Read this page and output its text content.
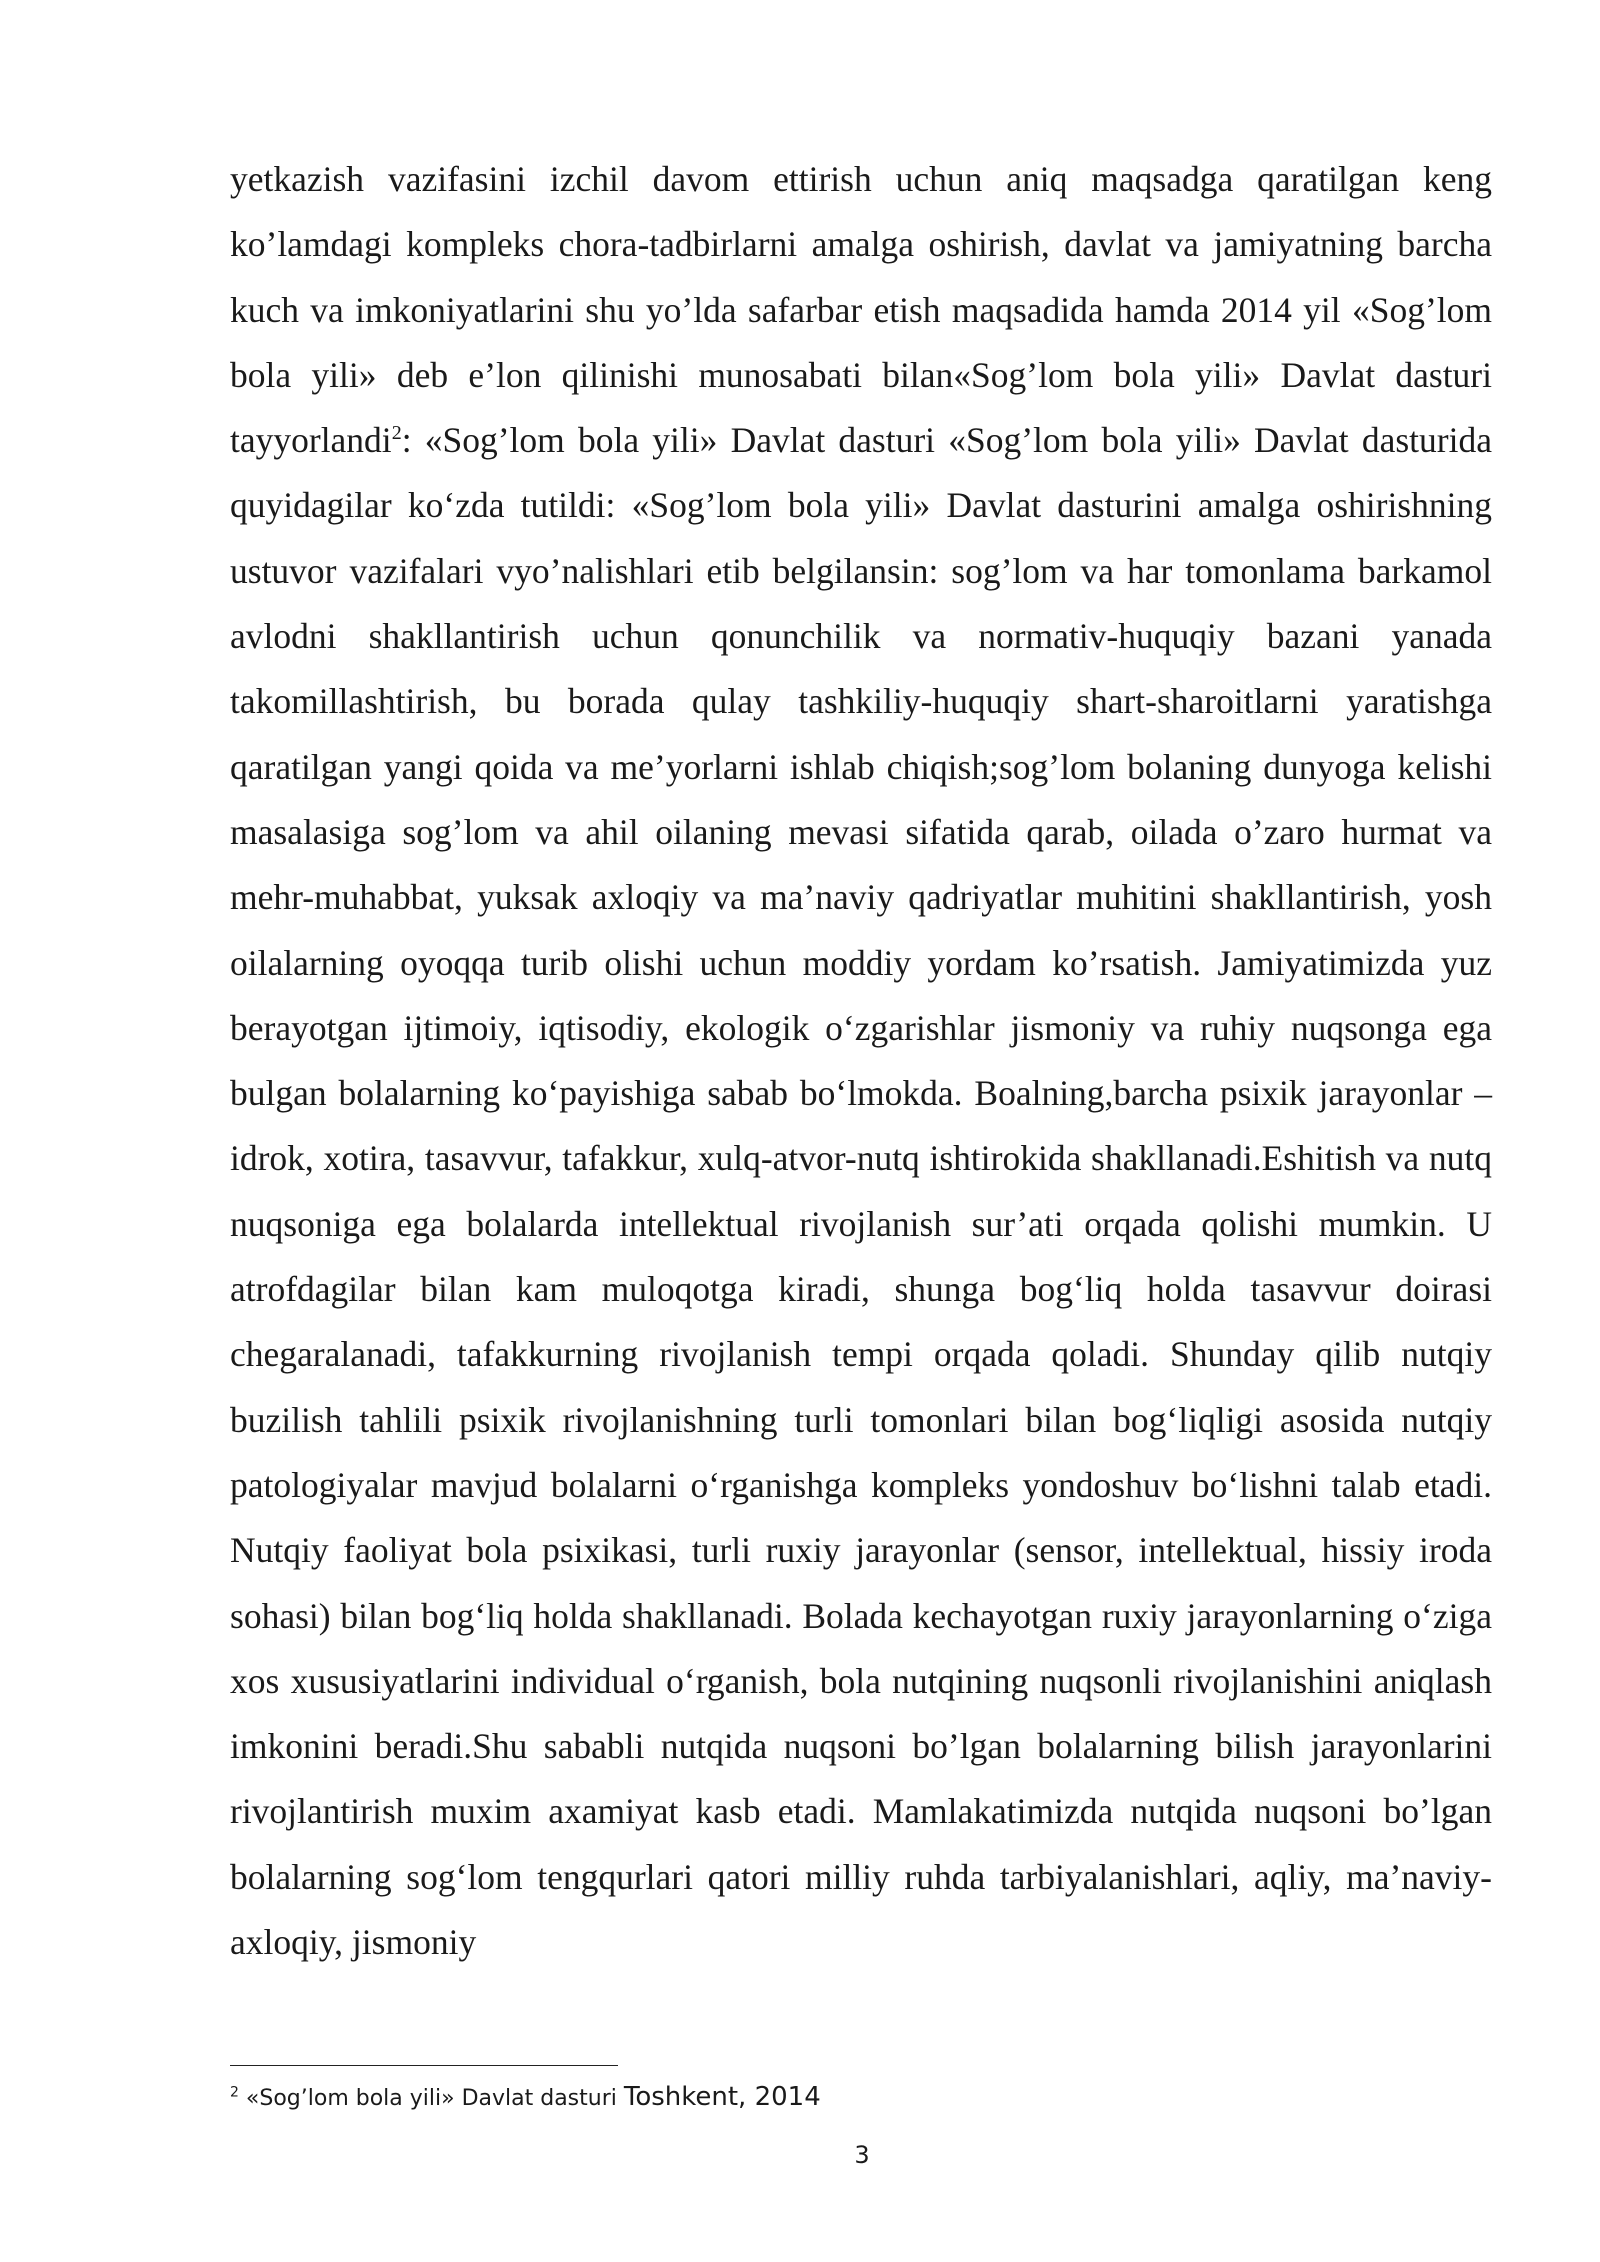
yetkazish vazifasini izchil davom ettirish uchun aniq maqsadga qaratilgan keng ko’lamdagi kompleks chora-tadbirlarni amalga oshirish, davlat va jamiyatning barcha kuch va imkoniyatlarini shu yo’lda safarbar etish maqsadida hamda 2014 yil «Sog’lom bola yili» deb e’lon qilinishi munosabati bilan«Sog’lom bola yili» Davlat dasturi tayyorlandi$^2$: «Sog’lom bola yili» Davlat dasturi «Sog’lom bola yili» Davlat dasturida quyidagilar ko‘zda tutildi: «Sog’lom bola yili» Davlat dasturini amalga oshirishning ustuvor vazifalari vyo’nalishlari etib belgilansin: sog’lom va har tomonlama barkamol avlodni shakllantirish uchun qonunchilik va normativ-huquqiy bazani yanada takomillashtirish, bu borada qulay tashkiliy-huquqiy shart-sharoitlarni yaratishga qaratilgan yangi qoida va me’yorlarni ishlab chiqish;sog’lom bolaning dunyoga kelishi masalasiga sog’lom va ahil oilaning mevasi sifatida qarab, oilada o’zaro hurmat va mehr-muhabbat, yuksak axloqiy va ma’naviy qadriyatlar muhitini shakllantirish, yosh oilalarning oyoqqa turib olishi uchun moddiy yordam ko’rsatish. Jamiyatimizda yuz berayotgan ijtimoiy, iqtisodiy, ekologik o‘zgarishlar jismoniy va ruhiy nuqsonga ega bulgan bolalarning ko‘payishiga sabab bo‘lmokda. Boalning,barcha psixik jarayonlar – idrok, xotira, tasavvur, tafakkur, xulq-atvor-nutq ishtirokida shakllanadi.Eshitish va nutq nuqsoniga ega bolalarda intellektual rivojlanish sur’ati orqada qolishi mumkin. U atrofdagilar bilan kam muloqotga kiradi, shunga bog‘liq holda tasavvur doirasi chegaralanadi, tafakkurning rivojlanish tempi orqada qoladi. Shunday qilib nutqiy buzilish tahlili psixik rivojlanishning turli tomonlari bilan bog‘liqligi asosida nutqiy patologiyalar mavjud bolalarni o‘rganishga kompleks yondoshuv bo‘lishni talab etadi. Nutqiy faoliyat bola psixikasi, turli ruxiy jarayonlar (sensor, intellektual, hissiy iroda sohasi) bilan bog‘liq holda shakllanadi. Bolada kechayotgan ruxiy jarayonlarning o‘ziga xos xususiyatlarini individual o‘rganish, bola nutqining nuqsonli rivojlanishini aniqlash imkonini beradi.Shu sababli nutqida nuqsoni bo’lgan bolalarning bilish jarayonlarini rivojlantirish muxim axamiyat kasb etadi. Mamlakatimizda nutqida nuqsoni bo’lgan bolalarning sog‘lom tengqurlari qatori milliy ruhda tarbiyalanishlari, aqliy, ma’naviy-axloqiy, jismoniy

$^2$ «Sog’lom bola yili» Davlat dasturi Toshkent, 2014

3
